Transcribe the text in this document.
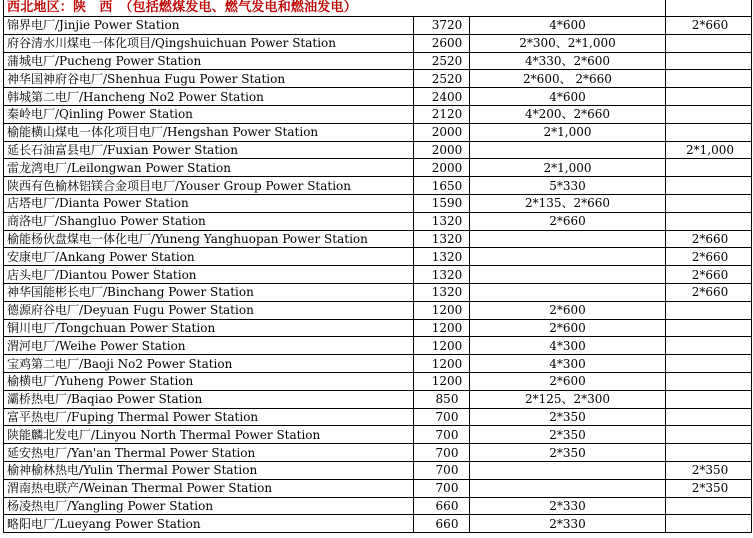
西北地区：陕　西　（包括燃煤发电、燃气发电和燃油发电）			
锦界电厂/Jinjie Power Station	3720	4*600	2*660
府谷清水川煤电一体化项目/Qingshuichuan Power Station	2600	2*300、2*1,000	
蒲城电厂/Pucheng Power Station	2520	4*330、2*600	
神华国神府谷电厂/Shenhua Fugu Power Station	2520	2*600、 2*660	
韩城第二电厂/Hancheng No2 Power Station	2400	4*600	
秦岭电厂/Qinling Power Station	2120	4*200、2*660	
榆能横山煤电一体化项目电厂/Hengshan Power Station	2000	2*1,000	
延长石油富县电厂/Fuxian Power Station	2000		2*1,000
雷龙湾电厂/Leilongwan Power Station	2000	2*1,000	
陕西有色榆林铝镁合金项目电厂/Youser Group Power Station	1650	5*330	
店塔电厂/Dianta Power Station	1590	2*135、2*660	
商洛电厂/Shangluo Power Station	1320	2*660	
榆能杨伙盘煤电一体化电厂/Yuneng Yanghuopan Power Station	1320		2*660
安康电厂/Ankang Power Station	1320		2*660
店头电厂/Diantou Power Station	1320		2*660
神华国能彬长电厂/Binchang Power Station	1320		2*660
德源府谷电厂/Deyuan Fugu Power Station	1200	2*600	
铜川电厂/Tongchuan Power Station	1200	2*600	
渭河电厂/Weihe Power Station	1200	4*300	
宝鸡第二电厂/Baoji No2 Power Station	1200	4*300	
榆横电厂/Yuheng Power Station	1200	2*600	
灞桥热电厂/Baqiao Power Station	850	2*125、2*300	
富平热电厂/Fuping Thermal Power Station	700	2*350	
陕能麟北发电厂/Linyou North Thermal Power Station	700	2*350	
延安热电厂/Yan'an Thermal Power Station	700	2*350	
榆神榆林热电/Yulin Thermal Power Station	700		2*350
渭南热电联产/Weinan Thermal Power Station	700		2*350
杨凌热电厂/Yangling Power Station	660	2*330	
略阳电厂/Lueyang Power Station	660	2*330	
